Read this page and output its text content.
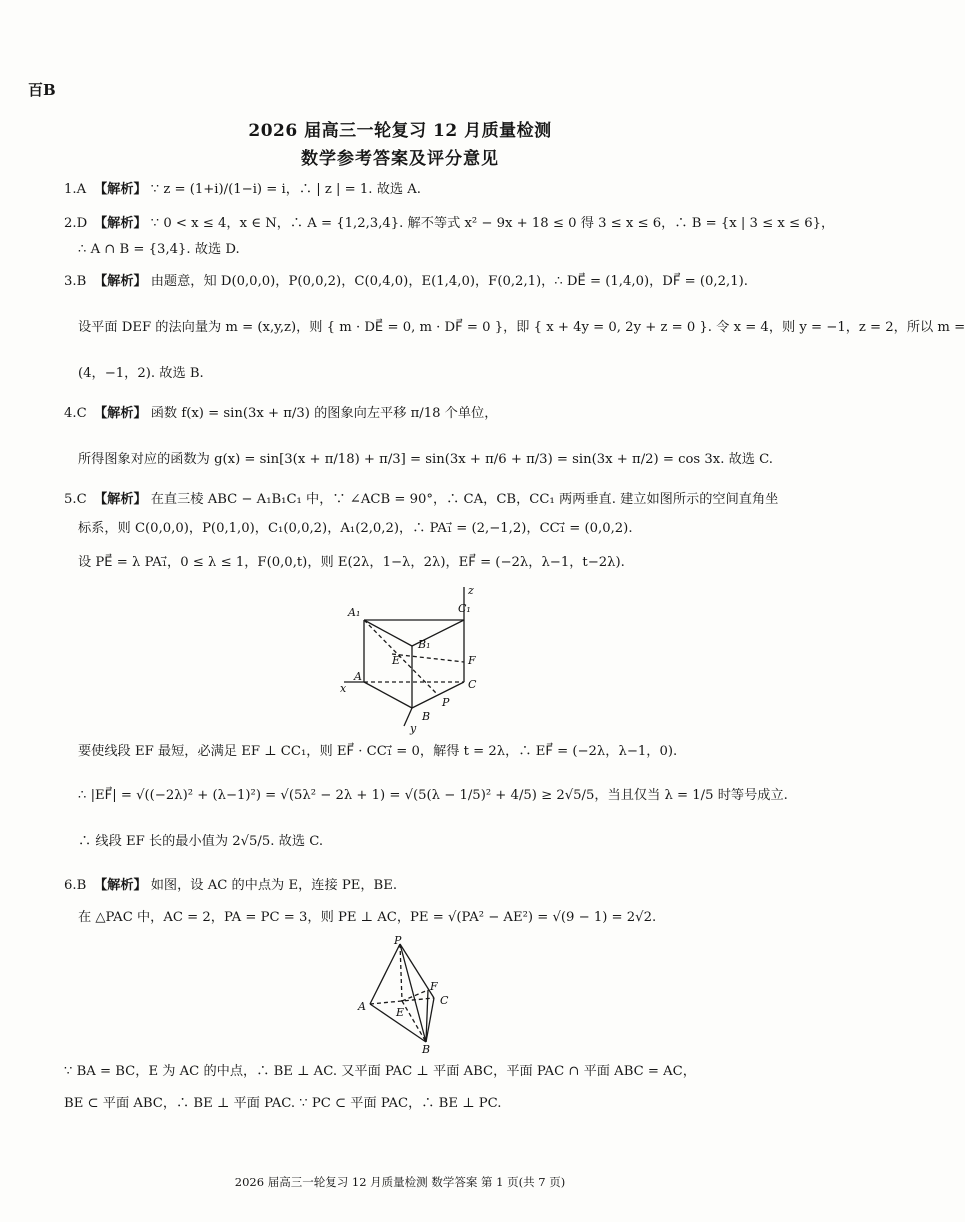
百B
2026 届高三一轮复习 12 月质量检测
数学参考答案及评分意见
1.A 【解析】 ∵ z = (1+i)/(1−i) = i，∴ | z | = 1. 故选 A.
2.D 【解析】 ∵ 0 < x ≤ 4，x ∈ N，∴ A = {1,2,3,4}. 解不等式 x² − 9x + 18 ≤ 0 得 3 ≤ x ≤ 6，∴ B = {x | 3 ≤ x ≤ 6}，
∴ A ∩ B = {3,4}. 故选 D.
3.B 【解析】 由题意，知 D(0,0,0)，P(0,0,2)，C(0,4,0)，E(1,4,0)，F(0,2,1)，∴ DE⃗ = (1,4,0)，DF⃗ = (0,2,1).
设平面 DEF 的法向量为 m = (x,y,z)，则 { m · DE⃗ = 0, m · DF⃗ = 0 }，即 { x + 4y = 0, 2y + z = 0 }. 令 x = 4，则 y = −1，z = 2，所以 m =
(4，−1，2). 故选 B.
4.C 【解析】 函数 f(x) = sin(3x + π/3) 的图象向左平移 π/18 个单位，
所得图象对应的函数为 g(x) = sin[3(x + π/18) + π/3] = sin(3x + π/6 + π/3) = sin(3x + π/2) = cos 3x. 故选 C.
5.C 【解析】 在直三棱 ABC − A₁B₁C₁ 中，∵ ∠ACB = 90°，∴ CA，CB，CC₁ 两两垂直. 建立如图所示的空间直角坐
标系，则 C(0,0,0)，P(0,1,0)，C₁(0,0,2)，A₁(2,0,2)，∴ PA₁⃗ = (2,−1,2)，CC₁⃗ = (0,0,2).
设 PE⃗ = λ PA₁⃗，0 ≤ λ ≤ 1，F(0,0,t)，则 E(2λ，1−λ，2λ)，EF⃗ = (−2λ，λ−1，t−2λ).
z
A₁	C₁
B₁
E	F
A
C
x
P
B
y
要使线段 EF 最短，必满足 EF ⊥ CC₁，则 EF⃗ · CC₁⃗ = 0，解得 t = 2λ，∴ EF⃗ = (−2λ，λ−1，0).
∴ |EF⃗| = √((−2λ)² + (λ−1)²) = √(5λ² − 2λ + 1) = √(5(λ − 1/5)² + 4/5) ≥ 2√5/5，当且仅当 λ = 1/5 时等号成立.
∴ 线段 EF 长的最小值为 2√5/5. 故选 C.
6.B 【解析】 如图，设 AC 的中点为 E，连接 PE，BE.
在 △PAC 中，AC = 2，PA = PC = 3，则 PE ⊥ AC，PE = √(PA² − AE²) = √(9 − 1) = 2√2.
P
F
A	C
E
B
∵ BA = BC，E 为 AC 的中点，∴ BE ⊥ AC. 又平面 PAC ⊥ 平面 ABC，平面 PAC ∩ 平面 ABC = AC，
BE ⊂ 平面 ABC，∴ BE ⊥ 平面 PAC. ∵ PC ⊂ 平面 PAC，∴ BE ⊥ PC.
2026 届高三一轮复习 12 月质量检测 数学答案 第 1 页(共 7 页)
